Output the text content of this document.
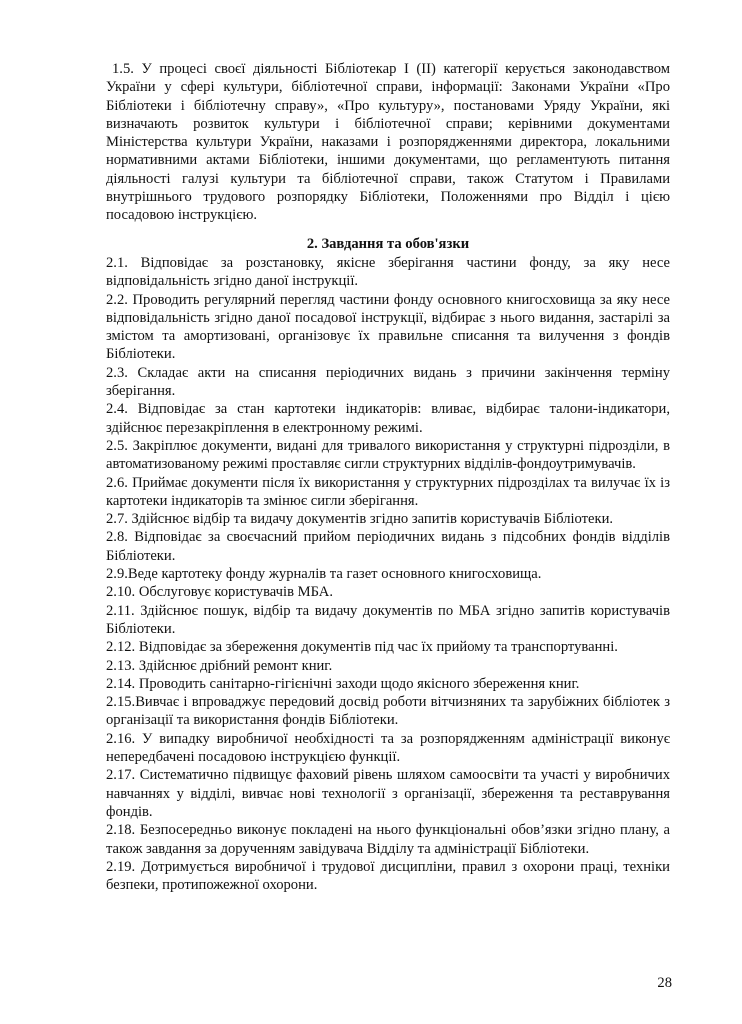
1.5. У процесі своєї діяльності Бібліотекар І (ІІ) категорії керується законодавством України у сфері культури, бібліотечної справи, інформації: Законами України «Про Бібліотеки і бібліотечну справу», «Про культуру», постановами Уряду України, які визначають розвиток культури і бібліотечної справи; керівними документами Міністерства культури України, наказами і розпорядженнями директора, локальними нормативними актами Бібліотеки, іншими документами, що регламентують питання діяльності галузі культури та бібліотечної справи, також Статутом і Правилами внутрішнього трудового розпорядку Бібліотеки, Положеннями про Відділ і цією посадовою інструкцією.

2. Завдання та обов'язки

2.1. Відповідає за розстановку, якісне зберігання частини фонду, за яку несе відповідальність згідно даної інструкції.

2.2. Проводить регулярний перегляд частини фонду основного книгосховища за яку несе відповідальність згідно даної посадової інструкції, відбирає з нього видання, застарілі за змістом та амортизовані, організовує їх правильне списання та вилучення з фондів Бібліотеки.

2.3. Складає акти на списання періодичних видань з причини закінчення терміну зберігання.

2.4. Відповідає за стан картотеки індикаторів: вливає, відбирає талони-індикатори, здійснює перезакріплення в електронному режимі.

2.5. Закріплює документи, видані для тривалого використання у структурні підрозділи, в автоматизованому режимі проставляє сигли структурних відділів-фондоутримувачів.

2.6. Приймає документи після їх використання у структурних підрозділах та вилучає їх із картотеки індикаторів та змінює сигли зберігання.

2.7. Здійснює відбір та видачу документів згідно запитів користувачів Бібліотеки.

2.8. Відповідає за своєчасний прийом періодичних видань з підсобних фондів відділів Бібліотеки.

2.9.Веде картотеку фонду журналів та газет основного книгосховища.

2.10. Обслуговує користувачів МБА.

2.11. Здійснює пошук, відбір та видачу документів по МБА згідно запитів користувачів Бібліотеки.

2.12. Відповідає за збереження документів під час їх прийому та транспортуванні.

2.13. Здійснює дрібний ремонт книг.

2.14. Проводить санітарно-гігієнічні заходи щодо якісного збереження книг.

2.15.Вивчає і впроваджує передовий досвід роботи вітчизняних та зарубіжних бібліотек з організації та використання фондів Бібліотеки.

2.16. У випадку виробничої необхідності та за розпорядженням адміністрації виконує непередбачені посадовою інструкцією функції.

2.17. Систематично підвищує фаховий рівень шляхом самоосвіти та участі у виробничих навчаннях у відділі, вивчає нові технології з організації, збереження та реставрування фондів.

2.18. Безпосередньо виконує покладені на нього функціональні обов’язки згідно плану, а також завдання за дорученням завідувача Відділу та адміністрації Бібліотеки.

2.19. Дотримується виробничої і трудової дисципліни, правил з охорони праці, техніки безпеки, протипожежної охорони.

28
